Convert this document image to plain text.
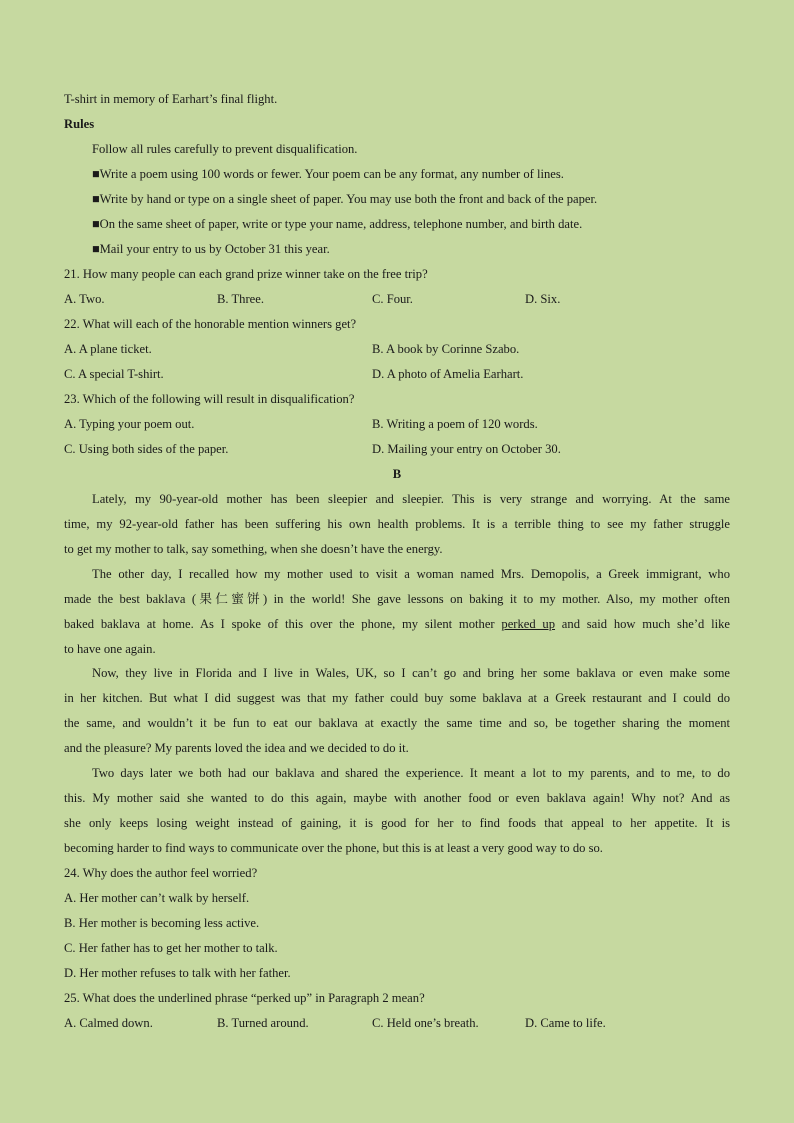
T-shirt in memory of Earhart’s final flight.
Rules
Follow all rules carefully to prevent disqualification.
■Write a poem using 100 words or fewer. Your poem can be any format, any number of lines.
■Write by hand or type on a single sheet of paper. You may use both the front and back of the paper.
■On the same sheet of paper, write or type your name, address, telephone number, and birth date.
■Mail your entry to us by October 31 this year.
21. How many people can each grand prize winner take on the free trip?
A. Two.	B. Three.	C. Four.	D. Six.
22. What will each of the honorable mention winners get?
A. A plane ticket.	B. A book by Corinne Szabo.
C. A special T-shirt.	D. A photo of Amelia Earhart.
23. Which of the following will result in disqualification?
A. Typing your poem out.	B. Writing a poem of 120 words.
C. Using both sides of the paper.	D. Mailing your entry on October 30.
B
Lately, my 90-year-old mother has been sleepier and sleepier. This is very strange and worrying. At the same
time, my 92-year-old father has been suffering his own health problems. It is a terrible thing to see my father struggle
to get my mother to talk, say something, when she doesn’t have the energy.
The other day, I recalled how my mother used to visit a woman named Mrs. Demopolis, a Greek immigrant, who
made the best baklava (果仁蜜饼) in the world! She gave lessons on baking it to my mother. Also, my mother often
baked baklava at home. As I spoke of this over the phone, my silent mother perked up and said how much she’d like
to have one again.
Now, they live in Florida and I live in Wales, UK, so I can’t go and bring her some baklava or even make some
in her kitchen. But what I did suggest was that my father could buy some baklava at a Greek restaurant and I could do
the same, and wouldn’t it be fun to eat our baklava at exactly the same time and so, be together sharing the moment
and the pleasure? My parents loved the idea and we decided to do it.
Two days later we both had our baklava and shared the experience. It meant a lot to my parents, and to me, to do
this. My mother said she wanted to do this again, maybe with another food or even baklava again! Why not? And as
she only keeps losing weight instead of gaining, it is good for her to find foods that appeal to her appetite. It is
becoming harder to find ways to communicate over the phone, but this is at least a very good way to do so.
24. Why does the author feel worried?
A. Her mother can’t walk by herself.
B. Her mother is becoming less active.
C. Her father has to get her mother to talk.
D. Her mother refuses to talk with her father.
25. What does the underlined phrase “perked up” in Paragraph 2 mean?
A. Calmed down.	B. Turned around.	C. Held one’s breath.	D. Came to life.
